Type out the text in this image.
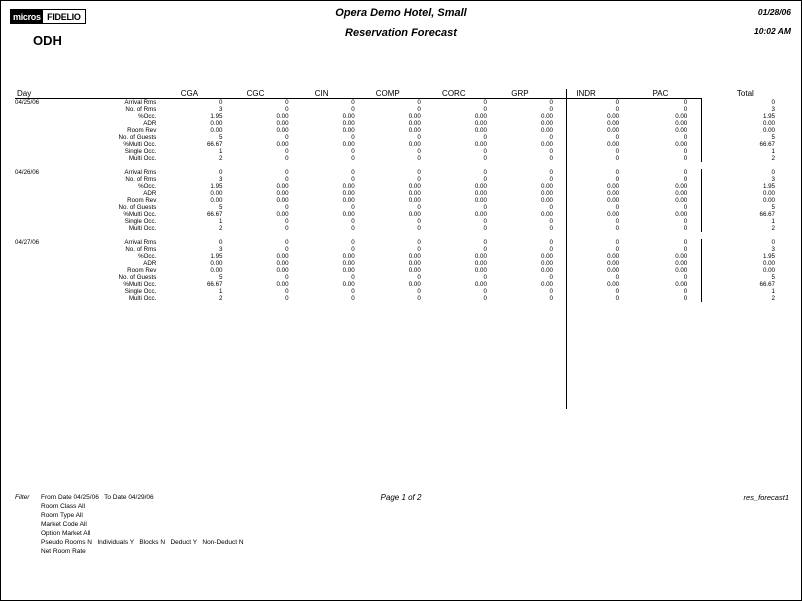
micros FIDELIO
ODH
Opera Demo Hotel, Small
Reservation Forecast
01/28/06
10:02 AM
Day		CGA	CGC	CIN	COMP	CORC	GRP	INDR	PAC	Total

04/25/06	Arrival Rms	0	0	0	0	0	0	0	0	0
	No. of Rms	3	0	0	0	0	0	0	0	3
	%Occ.	1.95	0.00	0.00	0.00	0.00	0.00	0.00	0.00	1.95
	ADR	0.00	0.00	0.00	0.00	0.00	0.00	0.00	0.00	0.00
	Room Rev	0.00	0.00	0.00	0.00	0.00	0.00	0.00	0.00	0.00
	No. of Guests	5	0	0	0	0	0	0	0	5
	%Multi Occ.	66.67	0.00	0.00	0.00	0.00	0.00	0.00	0.00	66.67
	Single Occ.	1	0	0	0	0	0	0	0	1
	Multi Occ.	2	0	0	0	0	0	0	0	2

04/26/06	Arrival Rms	0	0	0	0	0	0	0	0	0
	No. of Rms	3	0	0	0	0	0	0	0	3
	%Occ.	1.95	0.00	0.00	0.00	0.00	0.00	0.00	0.00	1.95
	ADR	0.00	0.00	0.00	0.00	0.00	0.00	0.00	0.00	0.00
	Room Rev	0.00	0.00	0.00	0.00	0.00	0.00	0.00	0.00	0.00
	No. of Guests	5	0	0	0	0	0	0	0	5
	%Multi Occ.	66.67	0.00	0.00	0.00	0.00	0.00	0.00	0.00	66.67
	Single Occ.	1	0	0	0	0	0	0	0	1
	Multi Occ.	2	0	0	0	0	0	0	0	2

04/27/06	Arrival Rms	0	0	0	0	0	0	0	0	0
	No. of Rms	3	0	0	0	0	0	0	0	3
	%Occ.	1.95	0.00	0.00	0.00	0.00	0.00	0.00	0.00	1.95
	ADR	0.00	0.00	0.00	0.00	0.00	0.00	0.00	0.00	0.00
	Room Rev	0.00	0.00	0.00	0.00	0.00	0.00	0.00	0.00	0.00
	No. of Guests	5	0	0	0	0	0	0	0	5
	%Multi Occ.	66.67	0.00	0.00	0.00	0.00	0.00	0.00	0.00	66.67
	Single Occ.	1	0	0	0	0	0	0	0	1
	Multi Occ.	2	0	0	0	0	0	0	0	2
Filter From Date 04/25/06   To Date 04/29/06
Room Class All
Room Type All
Market Code All
Option Market All
Pseudo Rooms N   Individuals Y   Blocks N   Deduct Y   Non-Deduct N
Net Room Rate
Page 1 of 2	res_forecast1
